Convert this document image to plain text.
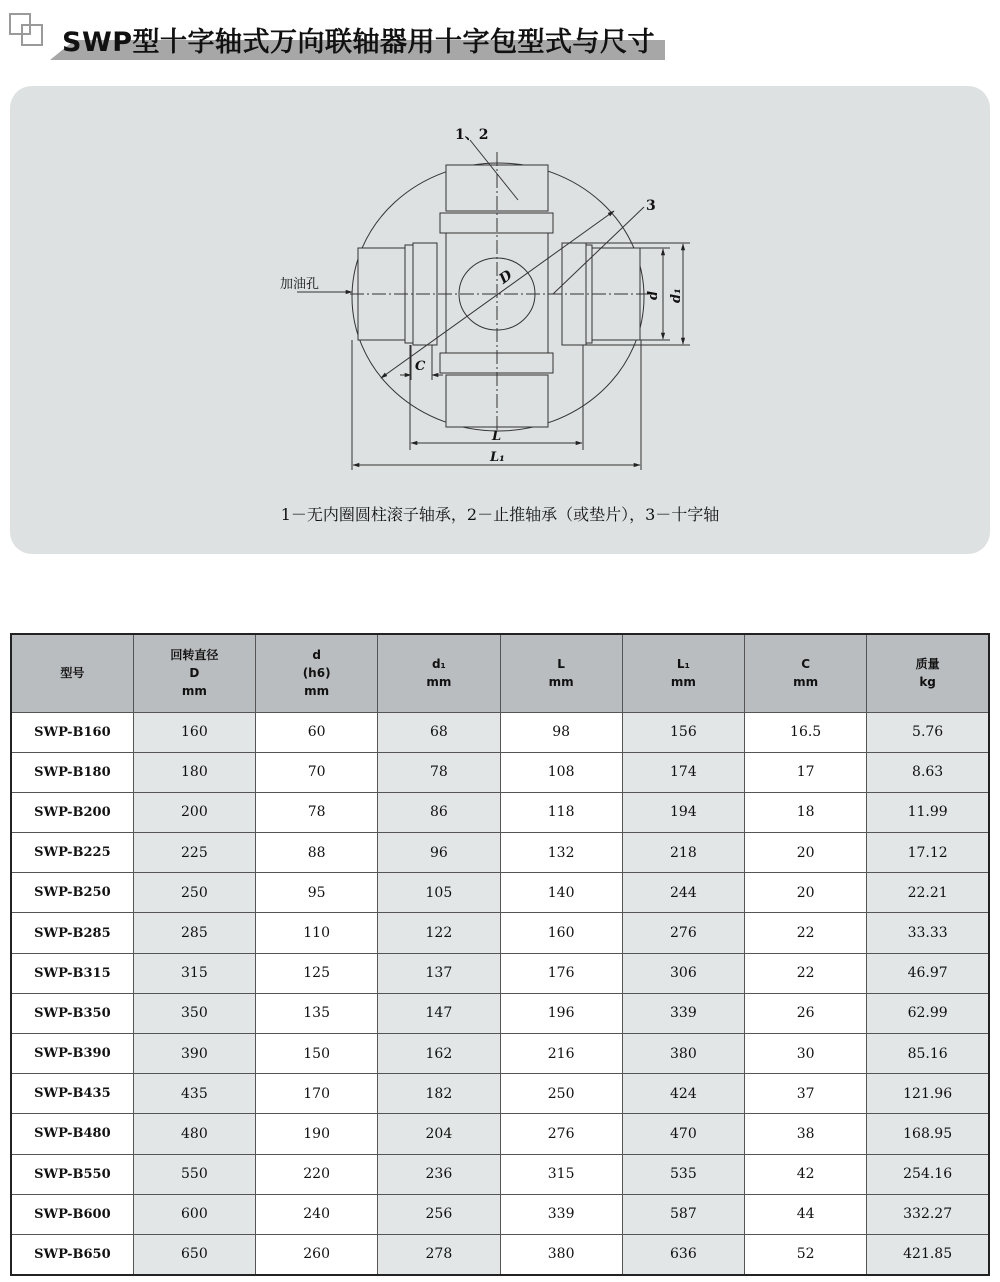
SWP型十字轴式万向联轴器用十字包型式与尺寸
1、2
3
加油孔	D
C
L
L₁
d d₁
1－无内圈圆柱滚子轴承，2－止推轴承（或垫片），3－十字轴
型号	回转直径
D
mm	d
(h6)
mm	d₁
mm	L
mm	L₁
mm	C
mm	质量
kg

SWP-B160	160	60	68	98	156	16.5	5.76
SWP-B180	180	70	78	108	174	17	8.63
SWP-B200	200	78	86	118	194	18	11.99
SWP-B225	225	88	96	132	218	20	17.12
SWP-B250	250	95	105	140	244	20	22.21
SWP-B285	285	110	122	160	276	22	33.33
SWP-B315	315	125	137	176	306	22	46.97
SWP-B350	350	135	147	196	339	26	62.99
SWP-B390	390	150	162	216	380	30	85.16
SWP-B435	435	170	182	250	424	37	121.96
SWP-B480	480	190	204	276	470	38	168.95
SWP-B550	550	220	236	315	535	42	254.16
SWP-B600	600	240	256	339	587	44	332.27
SWP-B650	650	260	278	380	636	52	421.85
